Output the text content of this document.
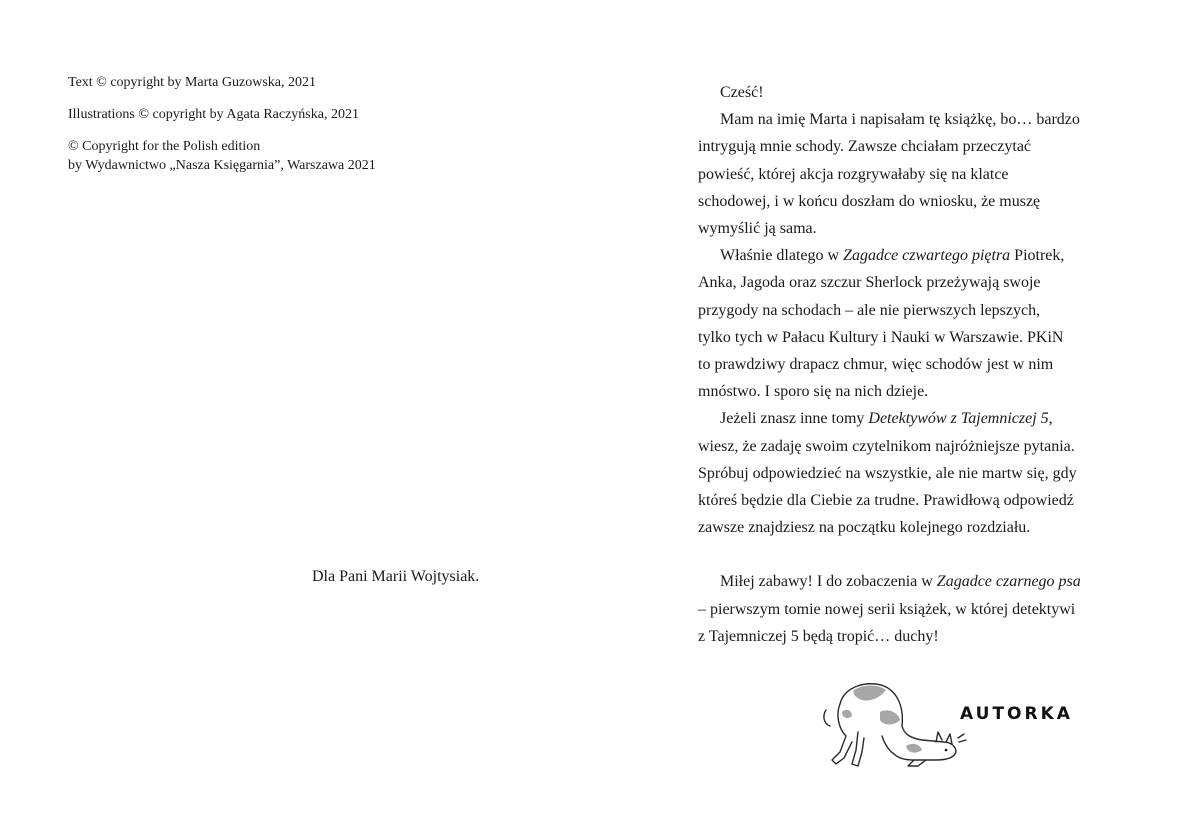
Text © copyright by Marta Guzowska, 2021

Illustrations © copyright by Agata Raczyńska, 2021

© Copyright for the Polish edition
by Wydawnictwo „Nasza Księgarnia”, Warszawa 2021

Dla Pani Marii Wojtysiak.

Cześć!

Mam na imię Marta i napisałam tę książkę, bo… bardzo
intrygują mnie schody. Zawsze chciałam przeczytać
powieść, której akcja rozgrywałaby się na klatce
schodowej, i w końcu doszłam do wniosku, że muszę
wymyślić ją sama.

Właśnie dlatego w Zagadce czwartego piętra Piotrek,
Anka, Jagoda oraz szczur Sherlock przeżywają swoje
przygody na schodach – ale nie pierwszych lepszych,
tylko tych w Pałacu Kultury i Nauki w Warszawie. PKiN
to prawdziwy drapacz chmur, więc schodów jest w nim
mnóstwo. I sporo się na nich dzieje.

Jeżeli znasz inne tomy Detektywów z Tajemniczej 5,
wiesz, że zadaję swoim czytelnikom najróżniejsze pytania.
Spróbuj odpowiedzieć na wszystkie, ale nie martw się, gdy
któreś będzie dla Ciebie za trudne. Prawidłową odpowiedź
zawsze znajdziesz na początku kolejnego rozdziału.

Miłej zabawy! I do zobaczenia w Zagadce czarnego psa
– pierwszym tomie nowej serii książek, w której detektywi
z Tajemniczej 5 będą tropić… duchy!

AUTORKA
